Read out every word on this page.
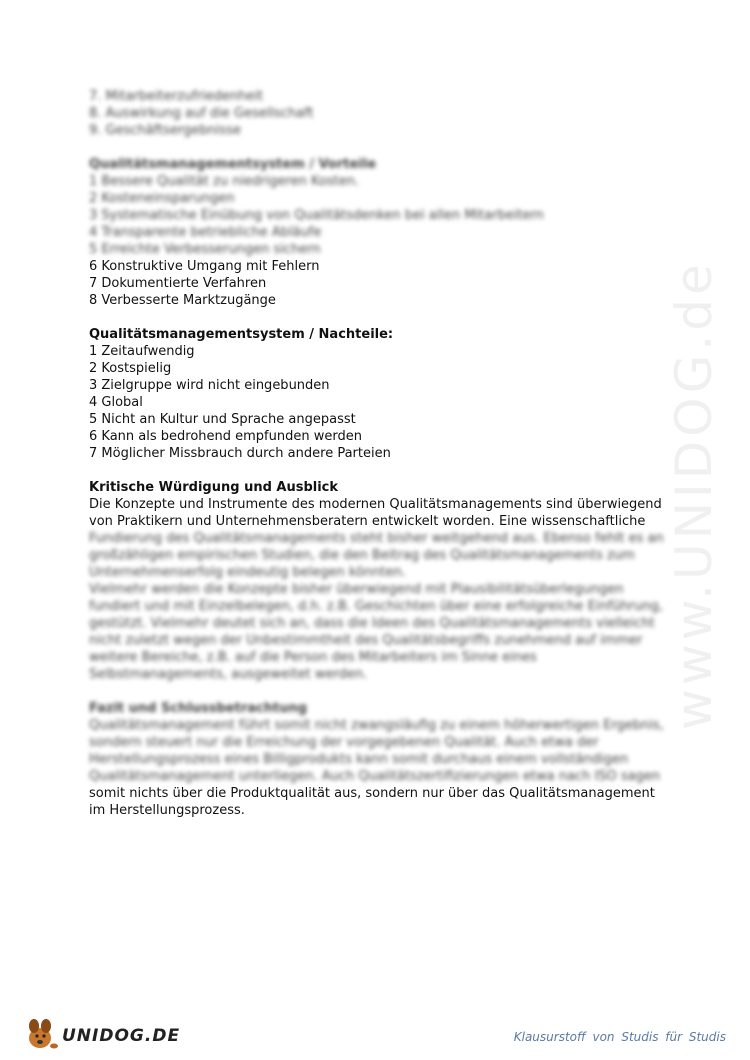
www.UNIDOG.de
7. Mitarbeiterzufriedenheit
8. Auswirkung auf die Gesellschaft
9. Geschäftsergebnisse
Qualitätsmanagementsystem / Vorteile
1 Bessere Qualität zu niedrigeren Kosten.
2 Kosteneinsparungen
3 Systematische Einübung von Qualitätsdenken bei allen Mitarbeitern
4 Transparente betriebliche Abläufe
5 Erreichte Verbesserungen sichern
6 Konstruktive Umgang mit Fehlern
7 Dokumentierte Verfahren
8 Verbesserte Marktzugänge
Qualitätsmanagementsystem / Nachteile:
1 Zeitaufwendig
2 Kostspielig
3 Zielgruppe wird nicht eingebunden
4 Global
5 Nicht an Kultur und Sprache angepasst
6 Kann als bedrohend empfunden werden
7 Möglicher Missbrauch durch andere Parteien
Kritische Würdigung und Ausblick
Die Konzepte und Instrumente des modernen Qualitätsmanagements sind überwiegend
von Praktikern und Unternehmensberatern entwickelt worden. Eine wissenschaftliche
Fundierung des Qualitätsmanagements steht bisher weitgehend aus. Ebenso fehlt es an
großzähligen empirischen Studien, die den Beitrag des Qualitätsmanagements zum
Unternehmenserfolg eindeutig belegen könnten.
Vielmehr werden die Konzepte bisher überwiegend mit Plausibilitätsüberlegungen
fundiert und mit Einzelbelegen, d.h. z.B. Geschichten über eine erfolgreiche Einführung,
gestützt. Vielmehr deutet sich an, dass die Ideen des Qualitätsmanagements vielleicht
nicht zuletzt wegen der Unbestimmtheit des Qualitätsbegriffs zunehmend auf immer
weitere Bereiche, z.B. auf die Person des Mitarbeiters im Sinne eines
Selbstmanagements, ausgeweitet werden.
Fazit und Schlussbetrachtung
Qualitätsmanagement führt somit nicht zwangsläufig zu einem höherwertigen Ergebnis,
sondern steuert nur die Erreichung der vorgegebenen Qualität. Auch etwa der
Herstellungsprozess eines Billigprodukts kann somit durchaus einem vollständigen
Qualitätsmanagement unterliegen. Auch Qualitätszertifizierungen etwa nach ISO sagen
somit nichts über die Produktqualität aus, sondern nur über das Qualitätsmanagement
im Herstellungsprozess.
UNIDOG.DE	Klausurstoff von Studis für Studis
